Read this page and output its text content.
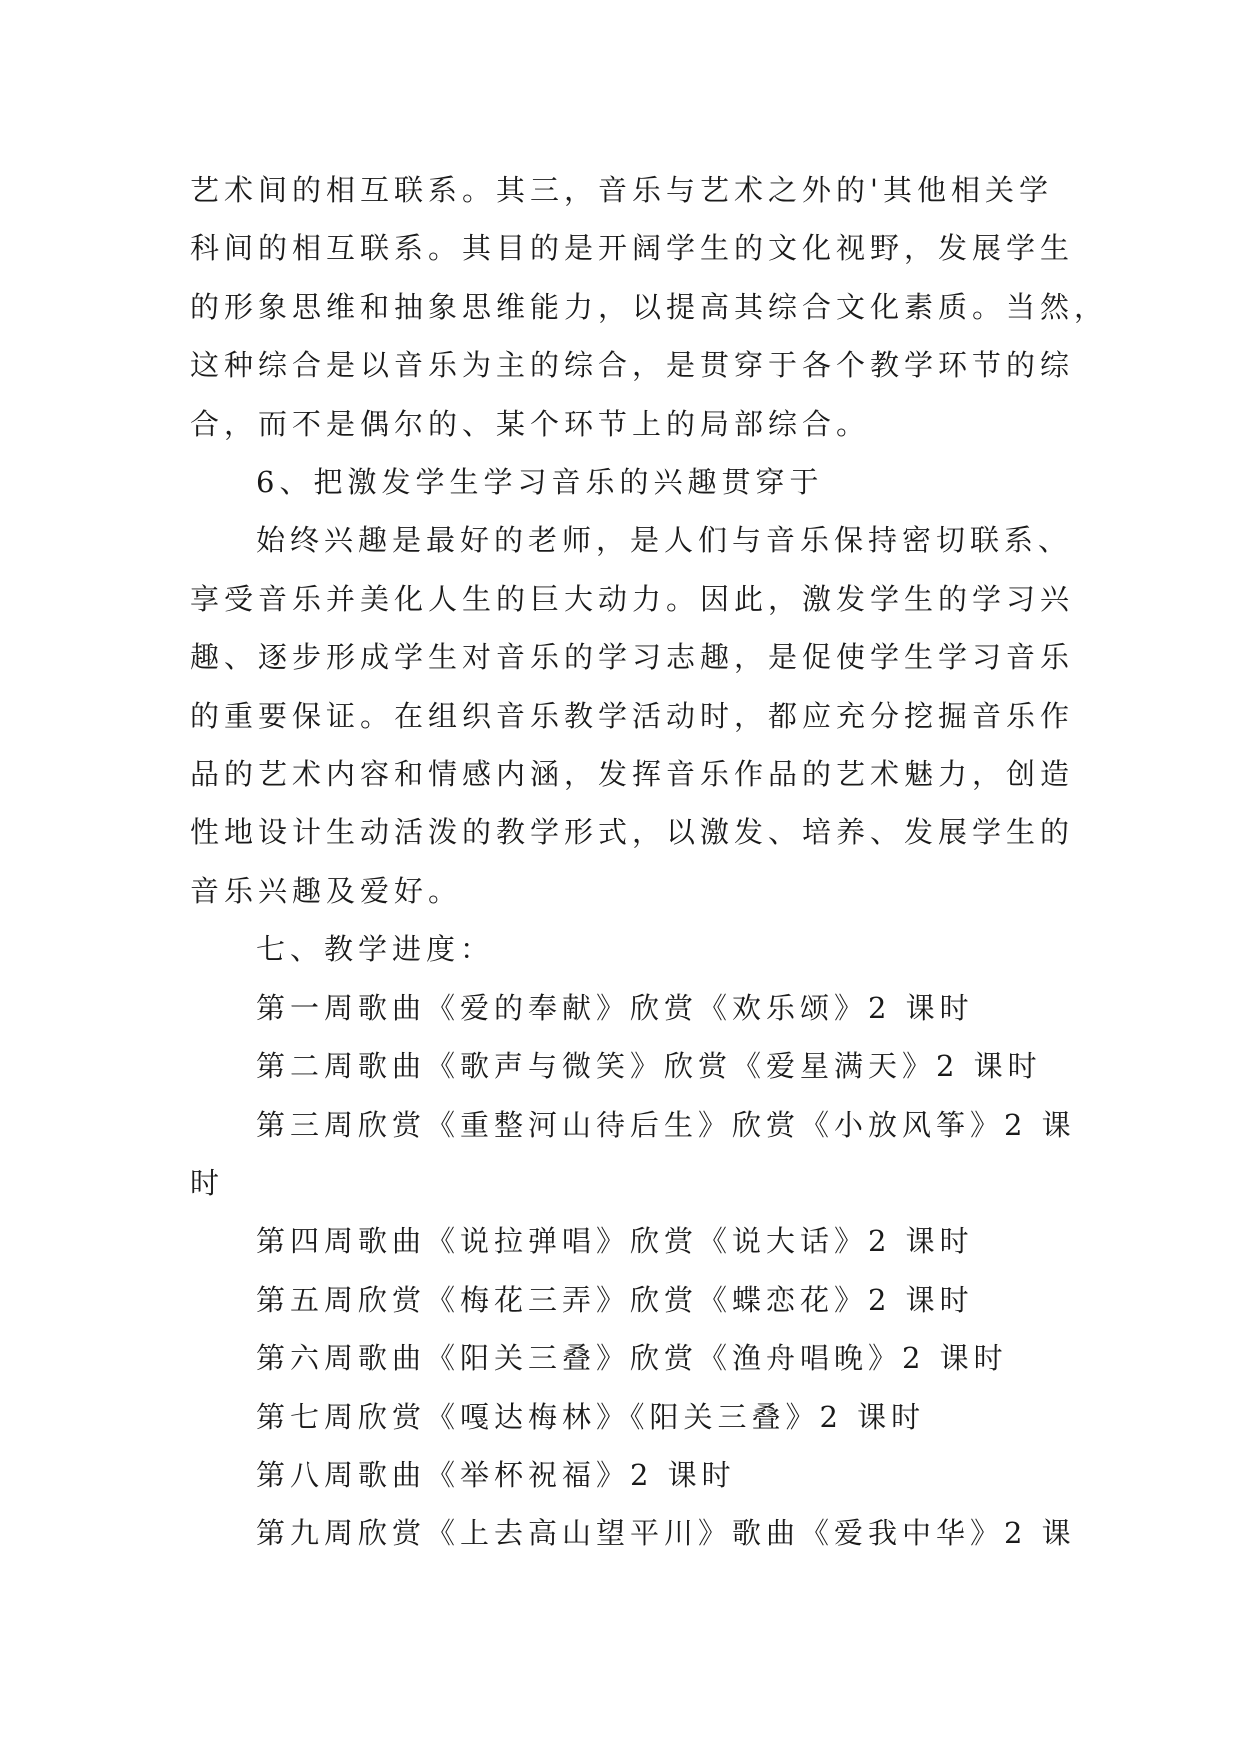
艺术间的相互联系。其三，音乐与艺术之外的'其他相关学
科间的相互联系。其目的是开阔学生的文化视野，发展学生
的形象思维和抽象思维能力，以提高其综合文化素质。当然，
这种综合是以音乐为主的综合，是贯穿于各个教学环节的综
合，而不是偶尔的、某个环节上的局部综合。

6、把激发学生学习音乐的兴趣贯穿于

始终兴趣是最好的老师，是人们与音乐保持密切联系、
享受音乐并美化人生的巨大动力。因此，激发学生的学习兴
趣、逐步形成学生对音乐的学习志趣，是促使学生学习音乐
的重要保证。在组织音乐教学活动时，都应充分挖掘音乐作
品的艺术内容和情感内涵，发挥音乐作品的艺术魅力，创造
性地设计生动活泼的教学形式，以激发、培养、发展学生的
音乐兴趣及爱好。

七、教学进度：

第一周歌曲《爱的奉献》欣赏《欢乐颂》2 课时

第二周歌曲《歌声与微笑》欣赏《爱星满天》2 课时

第三周欣赏《重整河山待后生》欣赏《小放风筝》2 课
时

第四周歌曲《说拉弹唱》欣赏《说大话》2 课时

第五周欣赏《梅花三弄》欣赏《蝶恋花》2 课时

第六周歌曲《阳关三叠》欣赏《渔舟唱晚》2 课时

第七周欣赏《嘎达梅林》《阳关三叠》2 课时

第八周歌曲《举杯祝福》2 课时

第九周欣赏《上去高山望平川》歌曲《爱我中华》2 课
